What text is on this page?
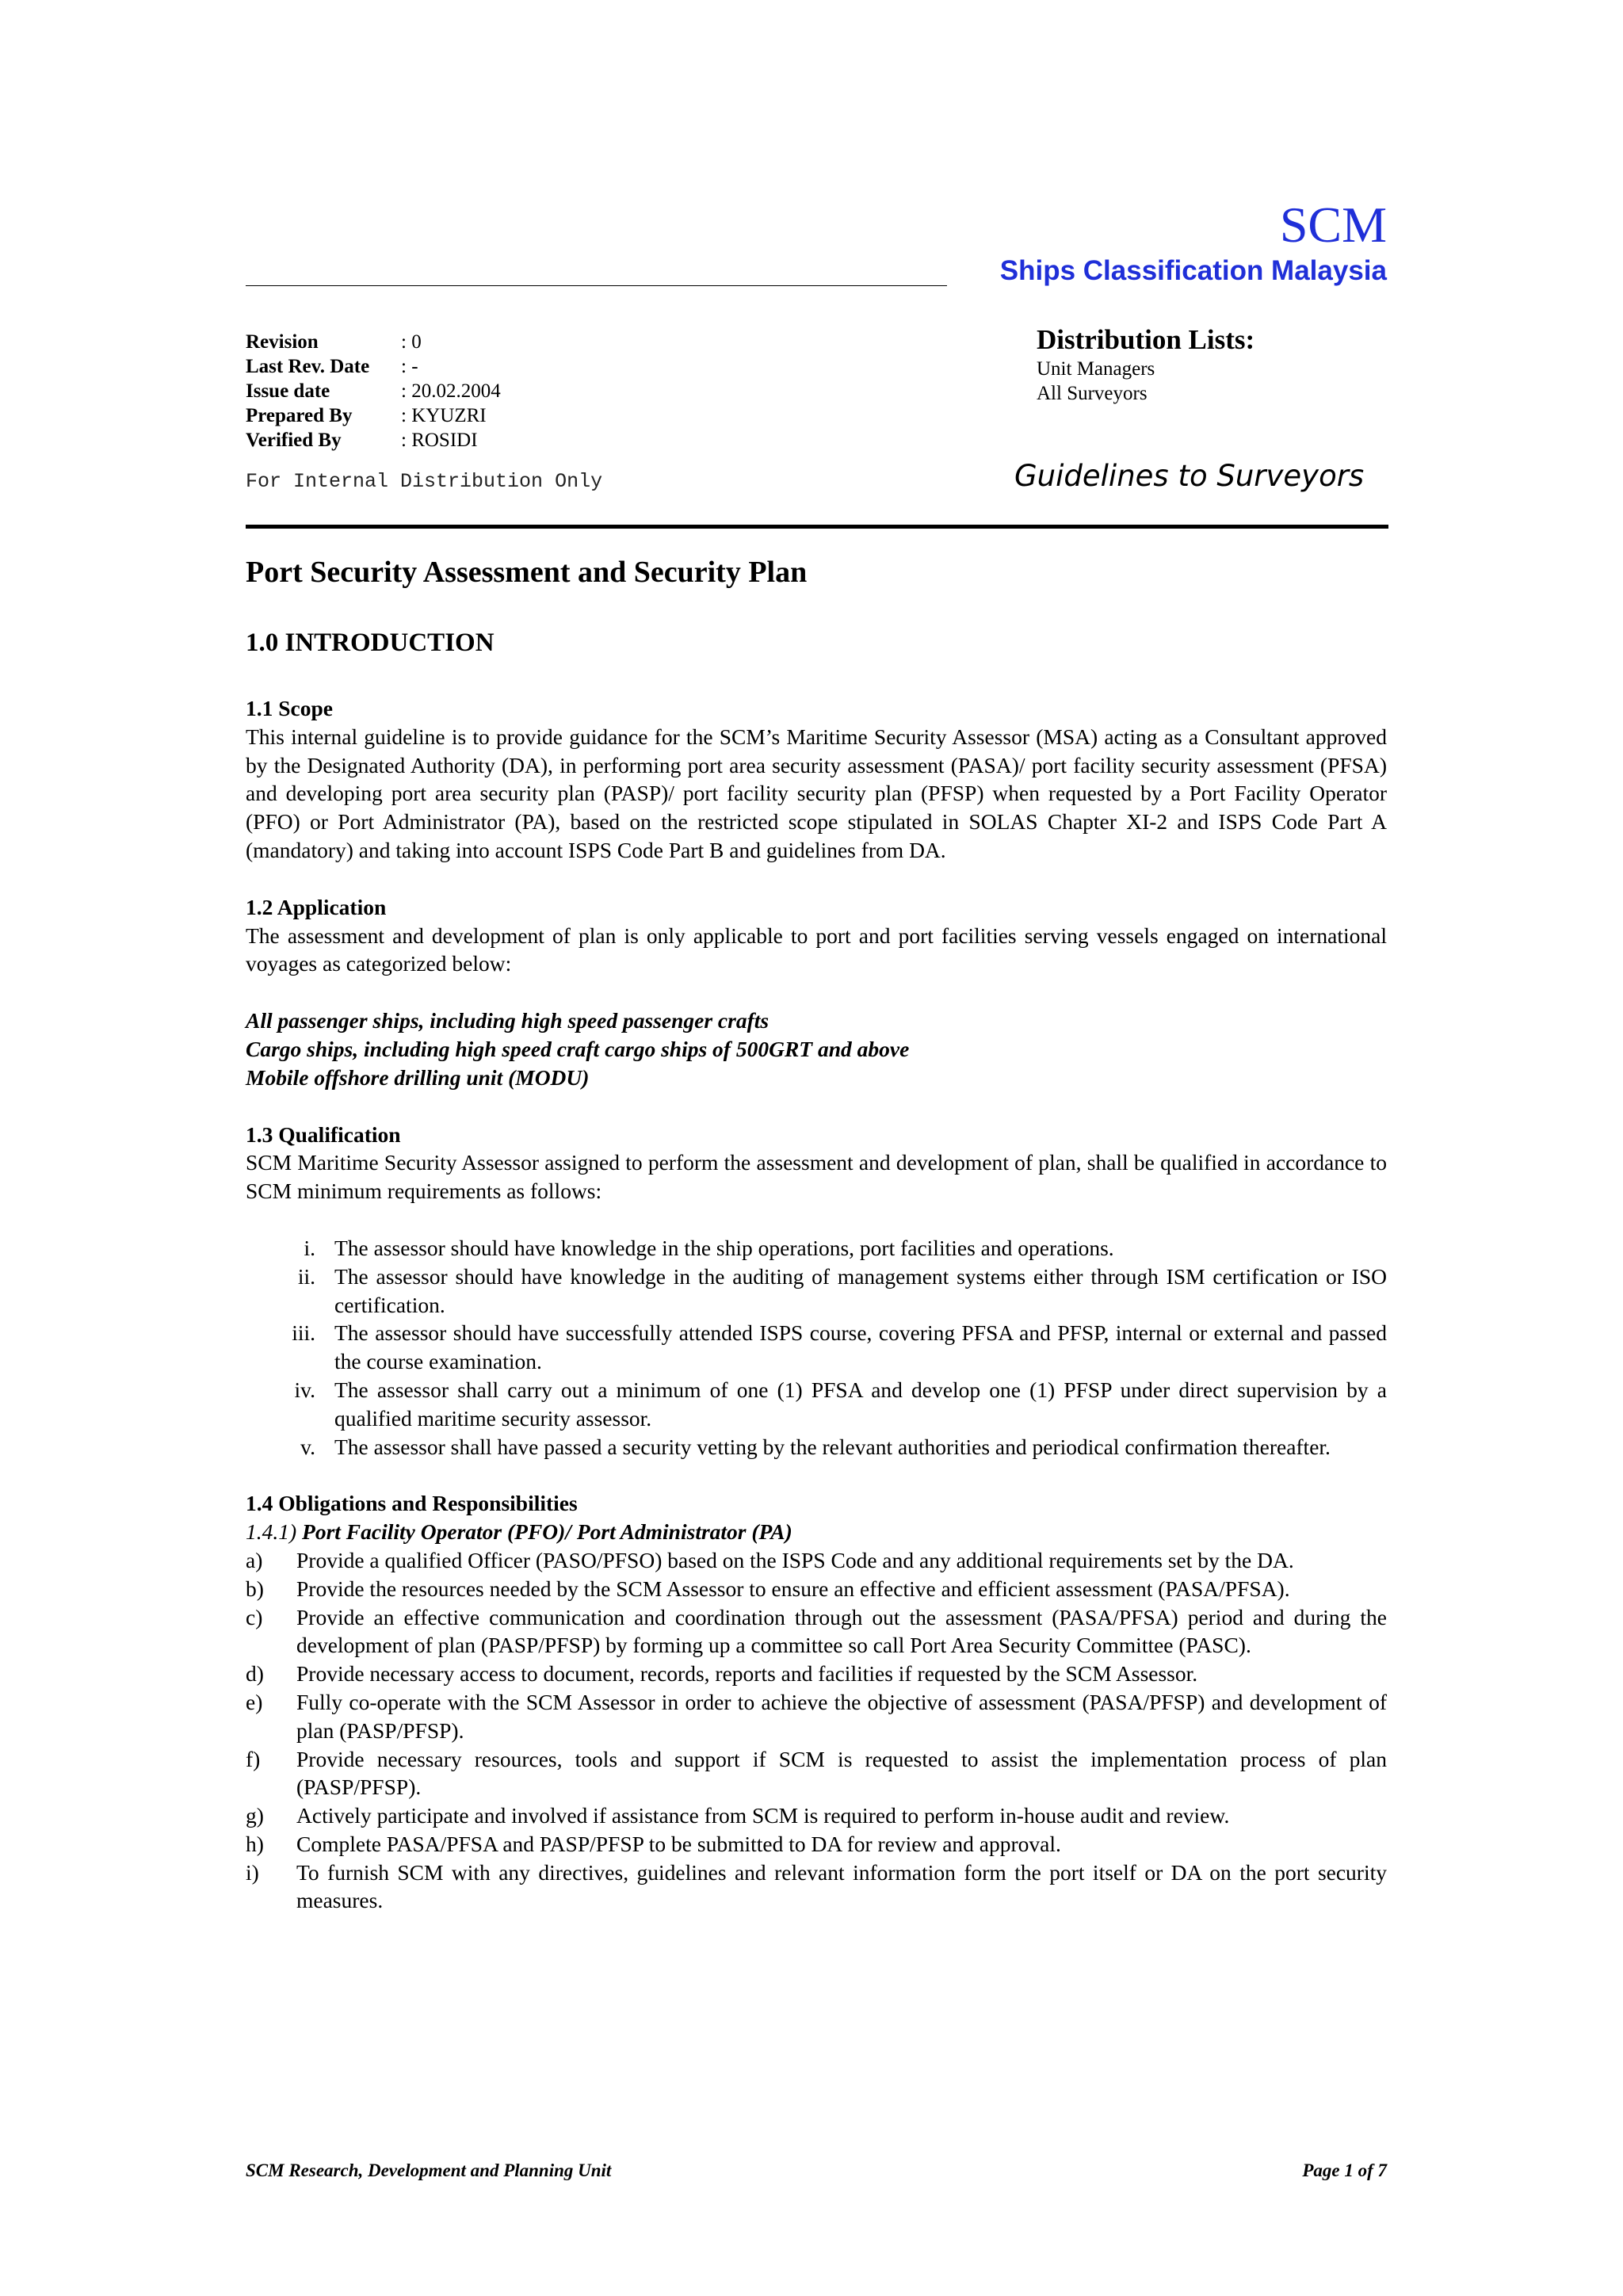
SCM
Ships Classification Malaysia
Revision	: 0
Last Rev. Date	: -
Issue date	: 20.02.2004
Prepared By	: KYUZRI
Verified By	: ROSIDI
For Internal Distribution Only
Distribution Lists:
Unit Managers
All Surveyors
Guidelines to Surveyors
Port Security Assessment and Security Plan
1.0 INTRODUCTION
1.1 Scope

This internal guideline is to provide guidance for the SCM’s Maritime Security Assessor (MSA) acting as a Consultant approved by the Designated Authority (DA), in performing port area security assessment (PASA)/ port facility security assessment (PFSA) and developing port area security plan (PASP)/ port facility security plan (PFSP) when requested by a Port Facility Operator (PFO) or Port Administrator (PA), based on the restricted scope stipulated in SOLAS Chapter XI-2 and ISPS Code Part A (mandatory) and taking into account ISPS Code Part B and guidelines from DA.

1.2 Application

The assessment and development of plan is only applicable to port and port facilities serving vessels engaged on international voyages as categorized below:

All passenger ships, including high speed passenger crafts
Cargo ships, including high speed craft cargo ships of 500GRT and above
Mobile offshore drilling unit (MODU)
1.3 Qualification

SCM Maritime Security Assessor assigned to perform the assessment and development of plan, shall be qualified in accordance to SCM minimum requirements as follows:

i. The assessor should have knowledge in the ship operations, port facilities and operations.
ii. The assessor should have knowledge in the auditing of management systems either through ISM certification or ISO certification.
iii. The assessor should have successfully attended ISPS course, covering PFSA and PFSP, internal or external and passed the course examination.
iv. The assessor shall carry out a minimum of one (1) PFSA and develop one (1) PFSP under direct supervision by a qualified maritime security assessor.
v. The assessor shall have passed a security vetting by the relevant authorities and periodical confirmation thereafter.
1.4 Obligations and Responsibilities
1.4.1) Port Facility Operator (PFO)/ Port Administrator (PA)
a)	Provide a qualified Officer (PASO/PFSO) based on the ISPS Code and any additional requirements set by the DA.
b)	Provide the resources needed by the SCM Assessor to ensure an effective and efficient assessment (PASA/PFSA).
c)	Provide an effective communication and coordination through out the assessment (PASA/PFSA) period and during the development of plan (PASP/PFSP) by forming up a committee so call Port Area Security Committee (PASC).
d)	Provide necessary access to document, records, reports and facilities if requested by the SCM Assessor.
e)	Fully co-operate with the SCM Assessor in order to achieve the objective of assessment (PASA/PFSP) and development of plan (PASP/PFSP).
f)	Provide necessary resources, tools and support if SCM is requested to assist the implementation process of plan (PASP/PFSP).
g)	Actively participate and involved if assistance from SCM is required to perform in-house audit and review.
h)	Complete PASA/PFSA and PASP/PFSP to be submitted to DA for review and approval.
i)	To furnish SCM with any directives, guidelines and relevant information form the port itself or DA on the port security measures.
SCM Research, Development and Planning Unit	Page 1 of 7
